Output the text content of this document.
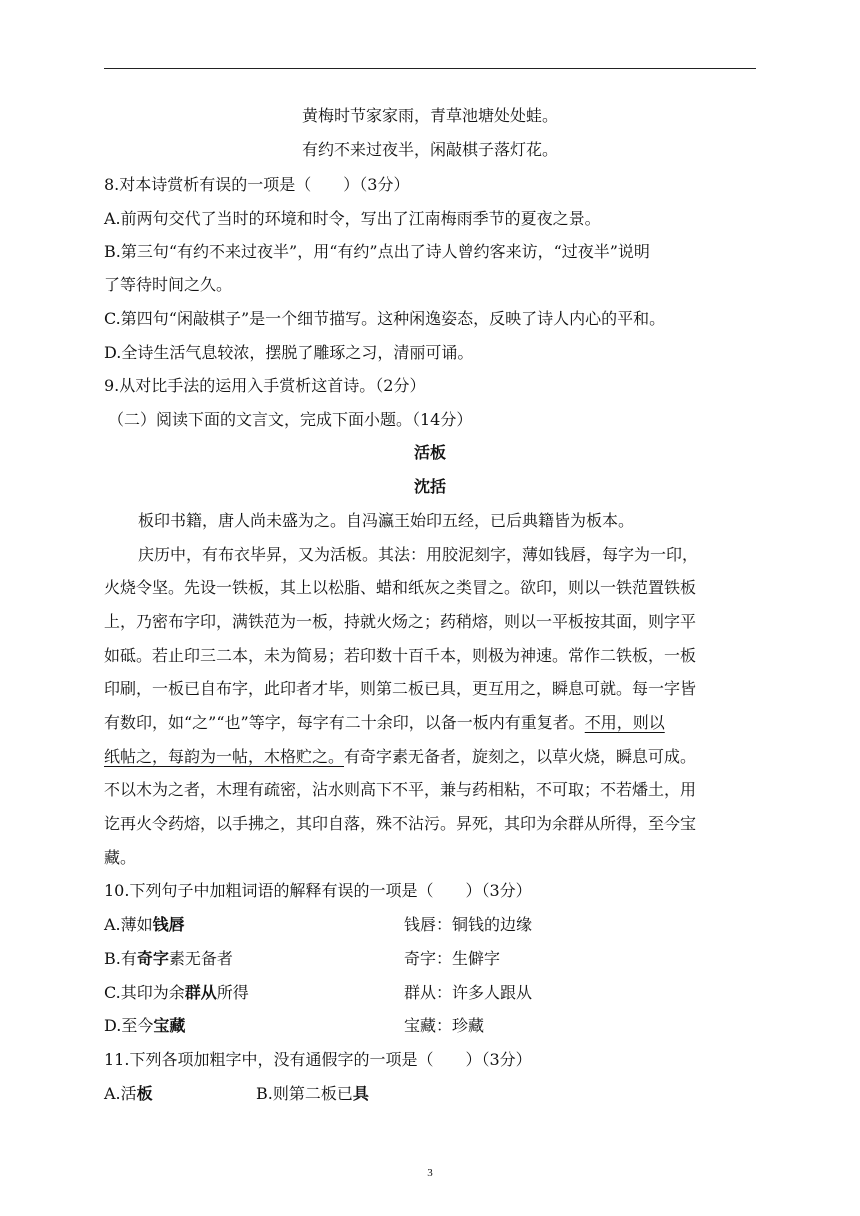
黄梅时节家家雨，青草池塘处处蛙。
有约不来过夜半，闲敲棋子落灯花。
8.对本诗赏析有误的一项是（　　）（3分）
A.前两句交代了当时的环境和时令，写出了江南梅雨季节的夏夜之景。
B.第三句“有约不来过夜半”，用“有约”点出了诗人曾约客来访，“过夜半”说明
了等待时间之久。
C.第四句“闲敲棋子”是一个细节描写。这种闲逸姿态，反映了诗人内心的平和。
D.全诗生活气息较浓，摆脱了雕琢之习，清丽可诵。
9.从对比手法的运用入手赏析这首诗。（2分）
（二）阅读下面的文言文，完成下面小题。（14分）
活板
沈括
板印书籍，唐人尚未盛为之。自冯瀛王始印五经，已后典籍皆为板本。
庆历中，有布衣毕昇，又为活板。其法：用胶泥刻字，薄如钱唇，每字为一印，
火烧令坚。先设一铁板，其上以松脂、蜡和纸灰之类冒之。欲印，则以一铁范置铁板
上，乃密布字印，满铁范为一板，持就火炀之；药稍熔，则以一平板按其面，则字平
如砥。若止印三二本，未为简易；若印数十百千本，则极为神速。常作二铁板，一板
印刷，一板已自布字，此印者才毕，则第二板已具，更互用之，瞬息可就。每一字皆
有数印，如“之”“也”等字，每字有二十余印，以备一板内有重复者。不用，则以
纸帖之，每韵为一帖，木格贮之。有奇字素无备者，旋刻之，以草火烧，瞬息可成。
不以木为之者，木理有疏密，沾水则高下不平，兼与药相粘，不可取；不若燔土，用
讫再火令药熔，以手拂之，其印自落，殊不沾污。昇死，其印为余群从所得，至今宝
藏。
10.下列句子中加粗词语的解释有误的一项是（　　）（3分）
A.薄如钱唇	钱唇：铜钱的边缘
B.有奇字素无备者	奇字：生僻字
C.其印为余群从所得	群从：许多人跟从
D.至今宝藏	宝藏：珍藏
11.下列各项加粗字中，没有通假字的一项是（　　）（3分）
A.活板	B.则第二板已具
3
